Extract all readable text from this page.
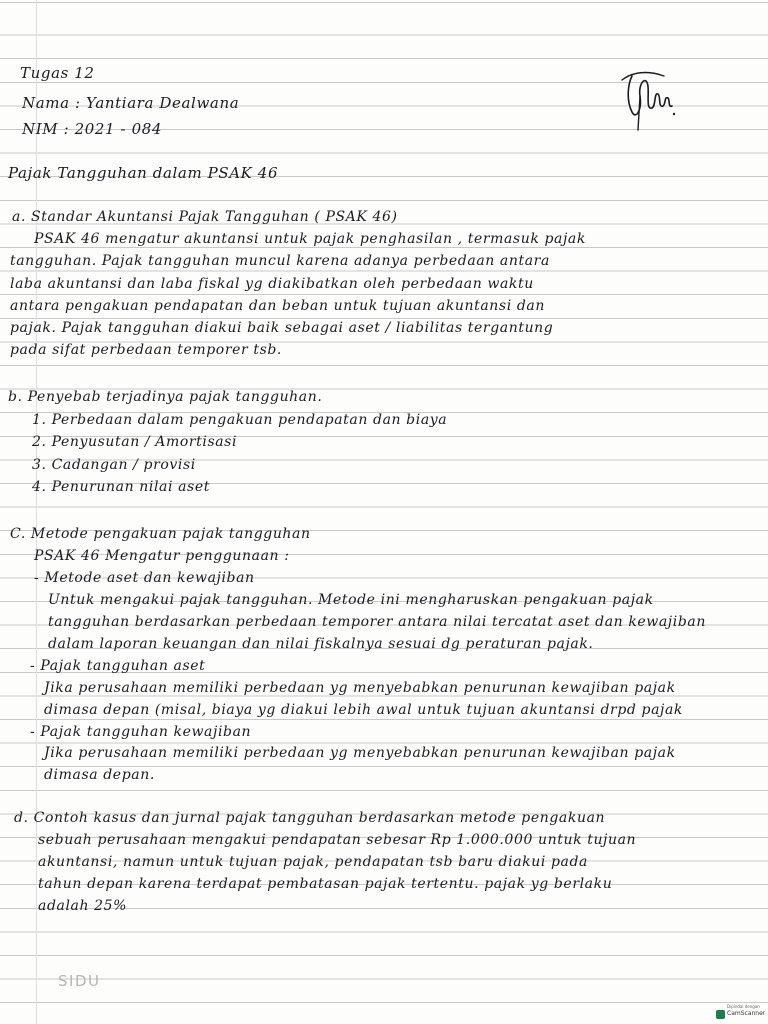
Tugas 12
Nama : Yantiara Dealwana
NIM : 2021 - 084
Pajak Tangguhan dalam PSAK 46
a. Standar Akuntansi Pajak Tangguhan ( PSAK 46)
PSAK 46 mengatur akuntansi untuk pajak penghasilan , termasuk pajak
tangguhan. Pajak tangguhan muncul karena adanya perbedaan antara
laba akuntansi dan laba fiskal yg diakibatkan oleh perbedaan waktu
antara pengakuan pendapatan dan beban untuk tujuan akuntansi dan
pajak. Pajak tangguhan diakui baik sebagai aset / liabilitas tergantung
pada sifat perbedaan temporer tsb.
b. Penyebab terjadinya pajak tangguhan.
1. Perbedaan dalam pengakuan pendapatan dan biaya
2. Penyusutan / Amortisasi
3. Cadangan / provisi
4. Penurunan nilai aset
C. Metode pengakuan pajak tangguhan
PSAK 46 Mengatur penggunaan :
- Metode aset dan kewajiban
Untuk mengakui pajak tangguhan. Metode ini mengharuskan pengakuan pajak
tangguhan berdasarkan perbedaan temporer antara nilai tercatat aset dan kewajiban
dalam laporan keuangan dan nilai fiskalnya sesuai dg peraturan pajak.
- Pajak tangguhan aset
Jika perusahaan memiliki perbedaan yg menyebabkan penurunan kewajiban pajak
dimasa depan (misal, biaya yg diakui lebih awal untuk tujuan akuntansi drpd pajak
- Pajak tangguhan kewajiban
Jika perusahaan memiliki perbedaan yg menyebabkan penurunan kewajiban pajak
dimasa depan.
d. Contoh kasus dan jurnal pajak tangguhan berdasarkan metode pengakuan
sebuah perusahaan mengakui pendapatan sebesar Rp 1.000.000 untuk tujuan
akuntansi, namun untuk tujuan pajak, pendapatan tsb baru diakui pada
tahun depan karena terdapat pembatasan pajak tertentu. pajak yg berlaku
adalah 25%
SIDU
Dipindai dengan
CamScanner
